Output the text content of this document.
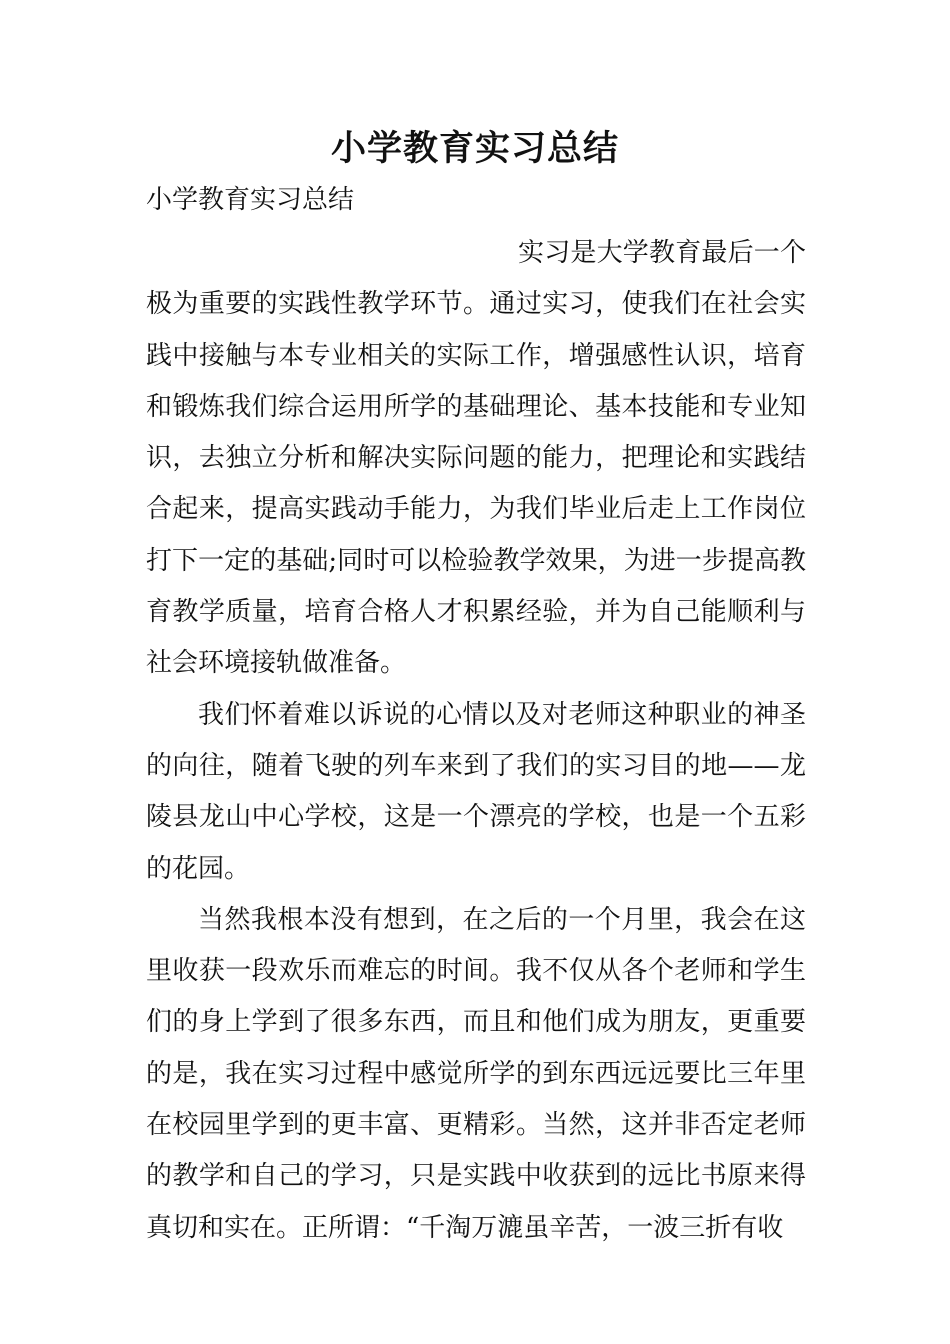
小学教育实习总结

小学教育实习总结

实习是大学教育最后一个极为重要的实践性教学环节。通过实习，使我们在社会实践中接触与本专业相关的实际工作，增强感性认识，培育和锻炼我们综合运用所学的基础理论、基本技能和专业知识，去独立分析和解决实际问题的能力，把理论和实践结合起来，提高实践动手能力，为我们毕业后走上工作岗位打下一定的基础;同时可以检验教学效果，为进一步提高教育教学质量，培育合格人才积累经验，并为自己能顺利与社会环境接轨做准备。

我们怀着难以诉说的心情以及对老师这种职业的神圣的向往，随着飞驶的列车来到了我们的实习目的地——龙陵县龙山中心学校，这是一个漂亮的学校，也是一个五彩的花园。

当然我根本没有想到，在之后的一个月里，我会在这里收获一段欢乐而难忘的时间。我不仅从各个老师和学生们的身上学到了很多东西，而且和他们成为朋友，更重要的是，我在实习过程中感觉所学的到东西远远要比三年里在校园里学到的更丰富、更精彩。当然，这并非否定老师的教学和自己的学习，只是实践中收获到的远比书原来得真切和实在。正所谓：“千淘万漉虽辛苦，一波三折有收
